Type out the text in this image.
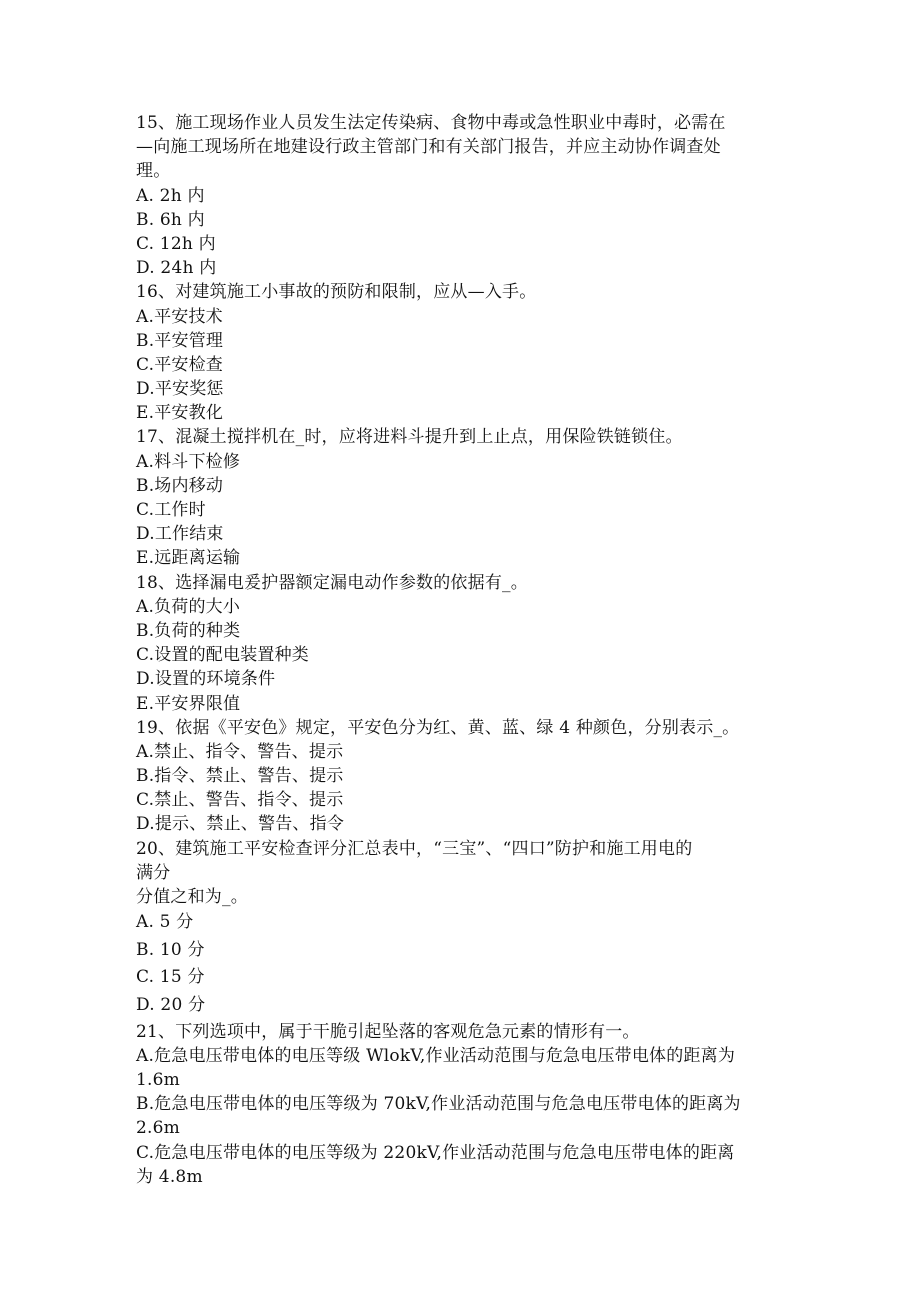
15、施工现场作业人员发生法定传染病、食物中毒或急性职业中毒时，必需在
—向施工现场所在地建设行政主管部门和有关部门报告，并应主动协作调查处
理。
A. 2h 内
B. 6h 内
C. 12h 内
D. 24h 内
16、对建筑施工小事故的预防和限制，应从—入手。
A.平安技术
B.平安管理
C.平安检查
D.平安奖惩
E.平安教化
17、混凝土搅拌机在_时，应将进料斗提升到上止点，用保险铁链锁住。
A.料斗下检修
B.场内移动
C.工作时
D.工作结束
E.远距离运输
18、选择漏电爰护器额定漏电动作参数的依据有_。
A.负荷的大小
B.负荷的种类
C.设置的配电装置种类
D.设置的环境条件
E.平安界限值
19、依据《平安色》规定，平安色分为红、黄、蓝、绿 4 种颜色，分别表示_。
A.禁止、指令、警告、提示
B.指令、禁止、警告、提示
C.禁止、警告、指令、提示
D.提示、禁止、警告、指令
20、建筑施工平安检查评分汇总表中，“三宝”、“四口”防护和施工用电的
满分
分值之和为_。
A. 5 分
B. 10 分
C. 15 分
D. 20 分
21、下列选项中，属于干脆引起坠落的客观危急元素的情形有一。
A.危急电压带电体的电压等级 WlokV,作业活动范围与危急电压带电体的距离为
1.6m
B.危急电压带电体的电压等级为 70kV,作业活动范围与危急电压带电体的距离为
2.6m
C.危急电压带电体的电压等级为 220kV,作业活动范围与危急电压带电体的距离
为 4.8m
